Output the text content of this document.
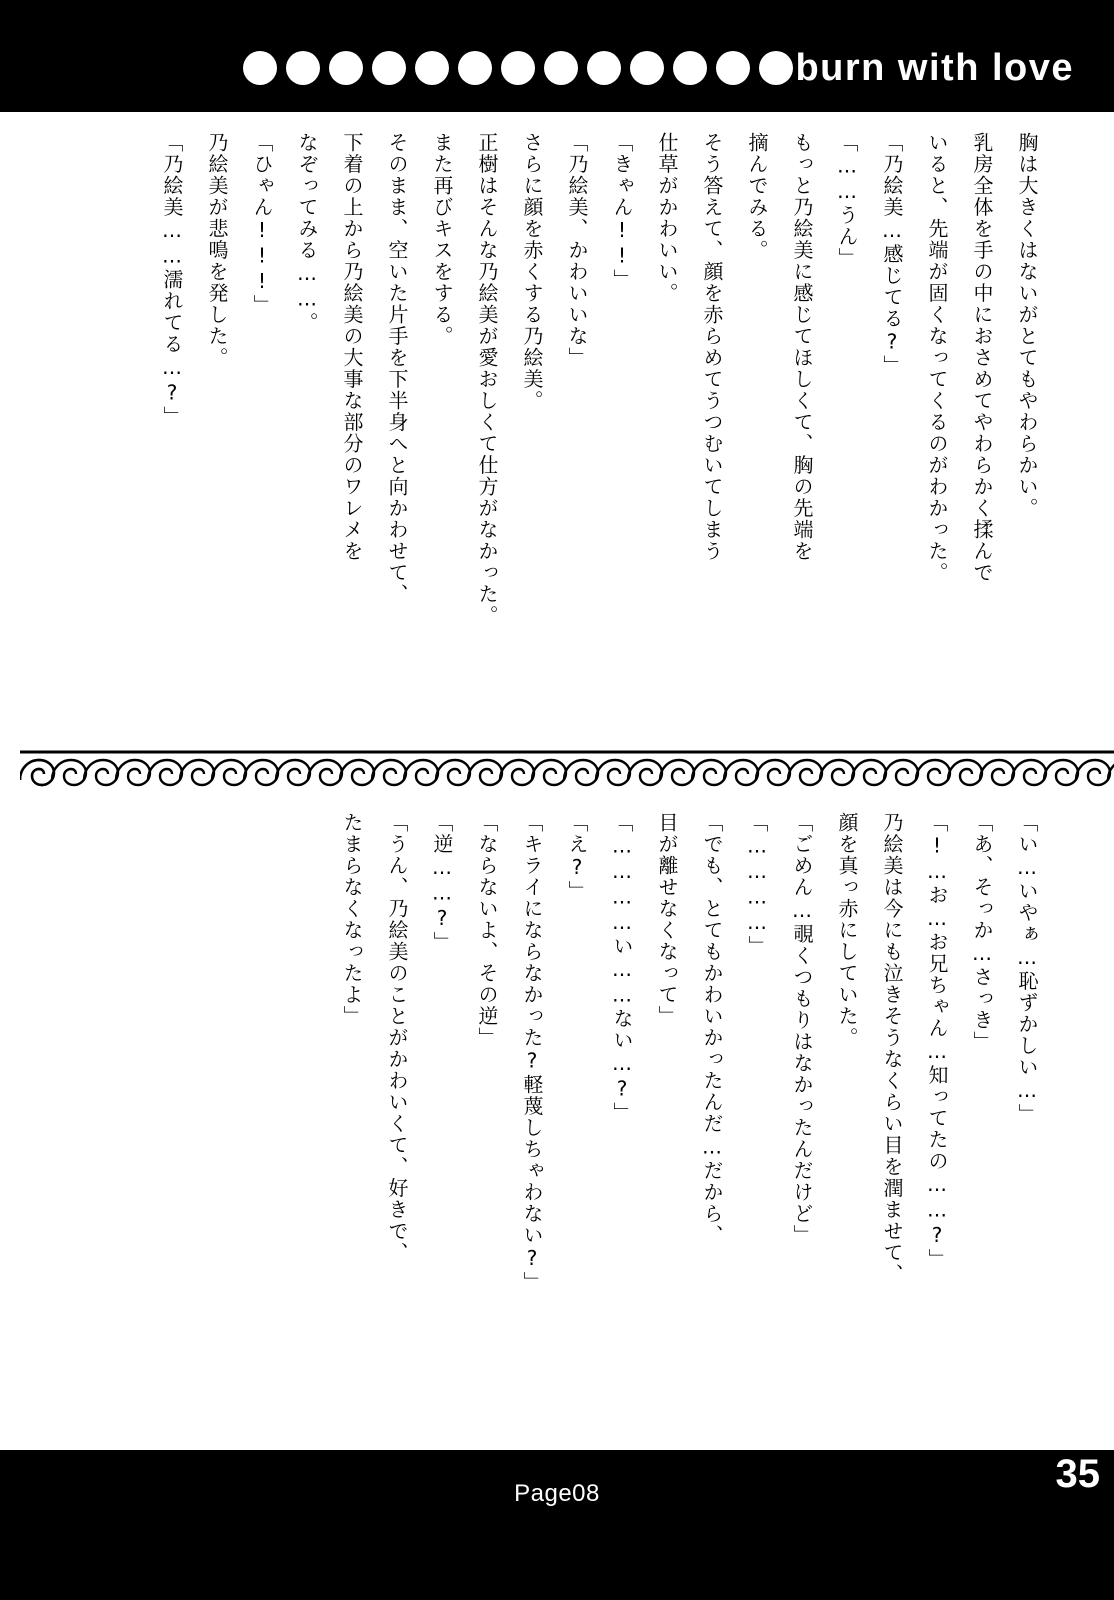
burn with love
胸は大きくはないがとてもやわらかい。
乳房全体を手の中におさめてやわらかく揉んで
いると、先端が固くなってくるのがわかった。
「乃絵美…感じてる?」
「……うん」
もっと乃絵美に感じてほしくて、胸の先端を
摘んでみる。
そう答えて、顔を赤らめてうつむいてしまう
仕草がかわいい。
「きゃん!!」
「乃絵美、かわいいな」
さらに顔を赤くする乃絵美。
正樹はそんな乃絵美が愛おしくて仕方がなかった。
また再びキスをする。
そのまま、空いた片手を下半身へと向かわせて、
下着の上から乃絵美の大事な部分のワレメを
なぞってみる……。
「ひゃん!!!」
乃絵美が悲鳴を発した。
「乃絵美……濡れてる…?」
「い…いやぁ…恥ずかしい…」
「あ、そっか…さっき」
「!…お…お兄ちゃん…知ってたの……?」
乃絵美は今にも泣きそうなくらい目を潤ませて、
顔を真っ赤にしていた。
「ごめん…覗くつもりはなかったんだけど」
「…………」
「でも、とてもかわいかったんだ…だから、
目が離せなくなって」
「…………い……ない…?」
「え?」
「キライにならなかった?軽蔑しちゃわない?」
「ならないよ、その逆」
「逆……?」
「うん、乃絵美のことがかわいくて、好きで、
たまらなくなったよ」
Page08	35
